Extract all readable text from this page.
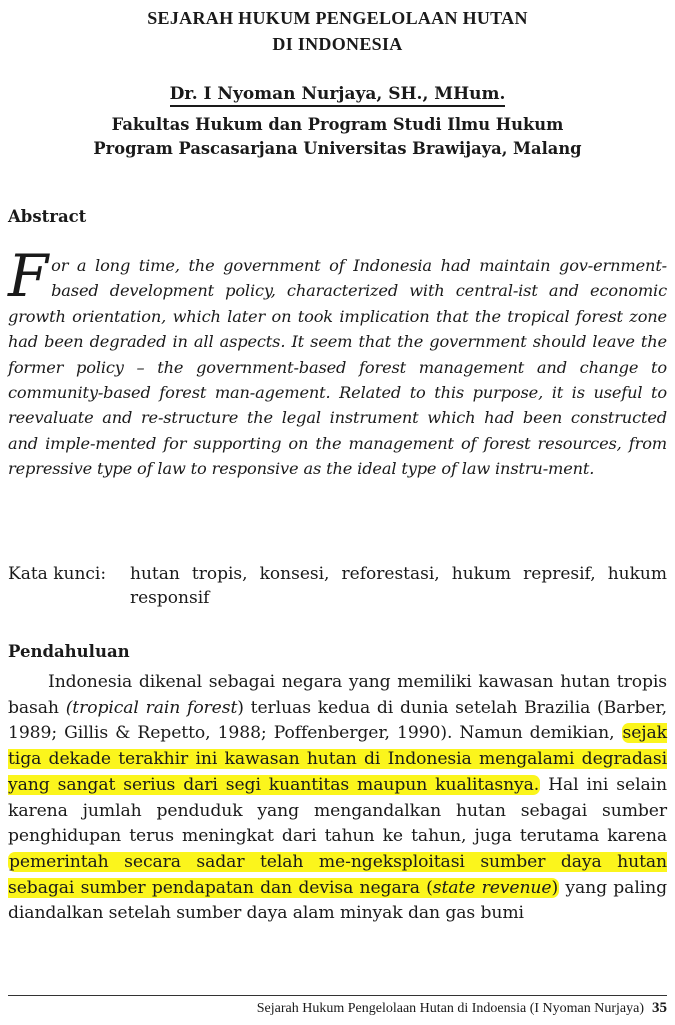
SEJARAH HUKUM PENGELOLAAN HUTAN
DI INDONESIA
Dr. I Nyoman Nurjaya, SH., MHum.
Fakultas Hukum dan Program Studi Ilmu Hukum
Program Pascasarjana Universitas Brawijaya, Malang
Abstract

For a long time, the government of Indonesia had maintain gov-ernment-based development policy, characterized with central-ist and economic growth orientation, which later on took implication that the tropical forest zone had been degraded in all aspects. It seem that the government should leave the former policy – the government-based forest management and change to community-based forest man-agement. Related to this purpose, it is useful to reevaluate and re-structure the legal instrument which had been constructed and imple-mented for supporting on the management of forest resources, from repressive type of law to responsive as the ideal type of law instru-ment.

Kata kunci: hutan tropis, konsesi, reforestasi, hukum represif, hukum responsif
Pendahuluan

Indonesia dikenal sebagai negara yang memiliki kawasan hutan tropis basah (tropical rain forest) terluas kedua di dunia setelah Brazilia (Barber, 1989; Gillis & Repetto, 1988; Poffenberger, 1990). Namun demikian, sejak tiga dekade terakhir ini kawasan hutan di Indonesia mengalami degradasi yang sangat serius dari segi kuantitas maupun kualitasnya. Hal ini selain karena jumlah penduduk yang mengandalkan hutan sebagai sumber penghidupan terus meningkat dari tahun ke tahun, juga terutama karena pemerintah secara sadar telah me-ngeksploitasi sumber daya hutan sebagai sumber pendapatan dan devisa negara (state revenue) yang paling diandalkan setelah sumber daya alam minyak dan gas bumi

Sejarah Hukum Pengelolaan Hutan di Indoensia (I Nyoman Nurjaya) 35
